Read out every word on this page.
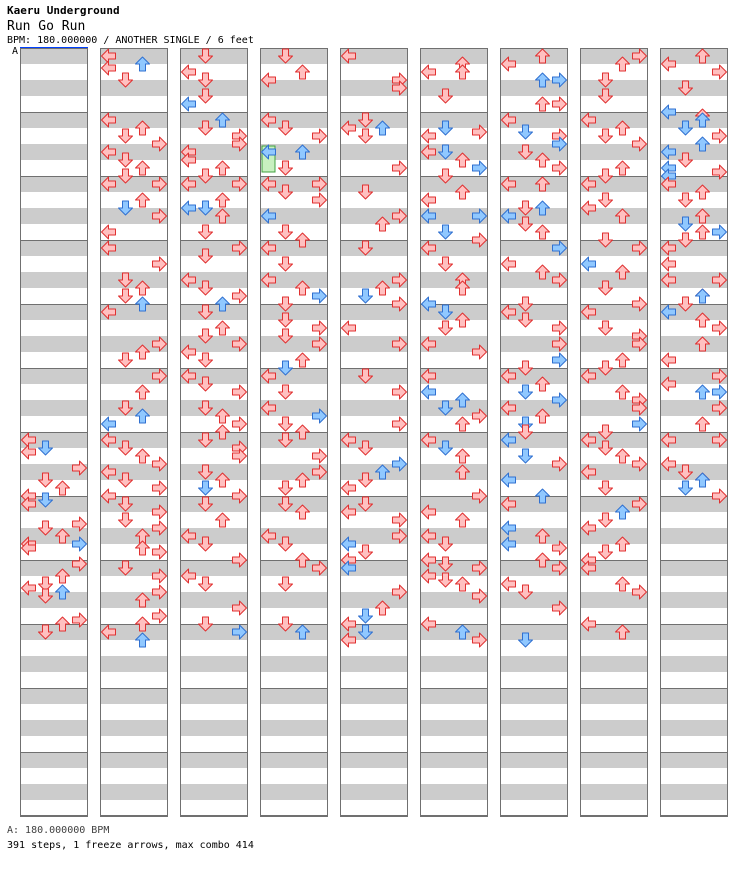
Kaeru Underground
Run Go Run
BPM: 180.000000 / ANOTHER SINGLE / 6 feet
A
A: 180.000000 BPM
391 steps, 1 freeze arrows, max combo 414
